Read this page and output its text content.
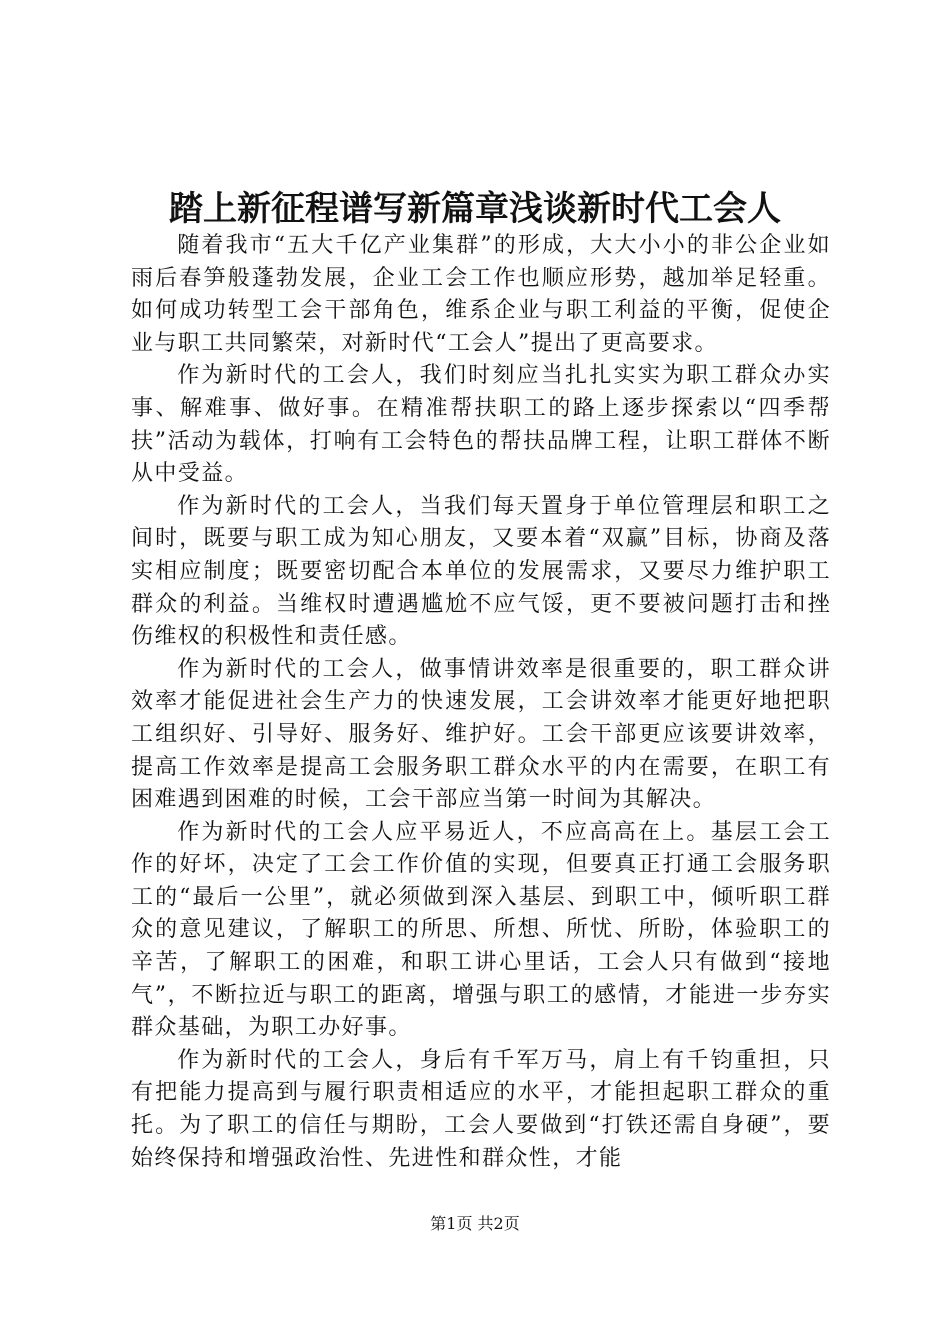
踏上新征程谱写新篇章浅谈新时代工会人

随着我市“五大千亿产业集群”的形成，大大小小的非公企业如雨后春笋般蓬勃发展，企业工会工作也顺应形势，越加举足轻重。如何成功转型工会干部角色，维系企业与职工利益的平衡，促使企业与职工共同繁荣，对新时代“工会人”提出了更高要求。

作为新时代的工会人，我们时刻应当扎扎实实为职工群众办实事、解难事、做好事。在精准帮扶职工的路上逐步探索以“四季帮扶”活动为载体，打响有工会特色的帮扶品牌工程，让职工群体不断从中受益。

作为新时代的工会人，当我们每天置身于单位管理层和职工之间时，既要与职工成为知心朋友，又要本着“双赢”目标，协商及落实相应制度；既要密切配合本单位的发展需求，又要尽力维护职工群众的利益。当维权时遭遇尴尬不应气馁，更不要被问题打击和挫伤维权的积极性和责任感。

作为新时代的工会人，做事情讲效率是很重要的，职工群众讲效率才能促进社会生产力的快速发展，工会讲效率才能更好地把职工组织好、引导好、服务好、维护好。工会干部更应该要讲效率，提高工作效率是提高工会服务职工群众水平的内在需要，在职工有困难遇到困难的时候，工会干部应当第一时间为其解决。

作为新时代的工会人应平易近人，不应高高在上。基层工会工作的好坏，决定了工会工作价值的实现，但要真正打通工会服务职工的“最后一公里”，就必须做到深入基层、到职工中，倾听职工群众的意见建议，了解职工的所思、所想、所忧、所盼，体验职工的辛苦，了解职工的困难，和职工讲心里话，工会人只有做到“接地气”，不断拉近与职工的距离，增强与职工的感情，才能进一步夯实群众基础，为职工办好事。

作为新时代的工会人，身后有千军万马，肩上有千钧重担，只有把能力提高到与履行职责相适应的水平，才能担起职工群众的重托。为了职工的信任与期盼，工会人要做到“打铁还需自身硬”，要始终保持和增强政治性、先进性和群众性，才能

第1页 共2页
